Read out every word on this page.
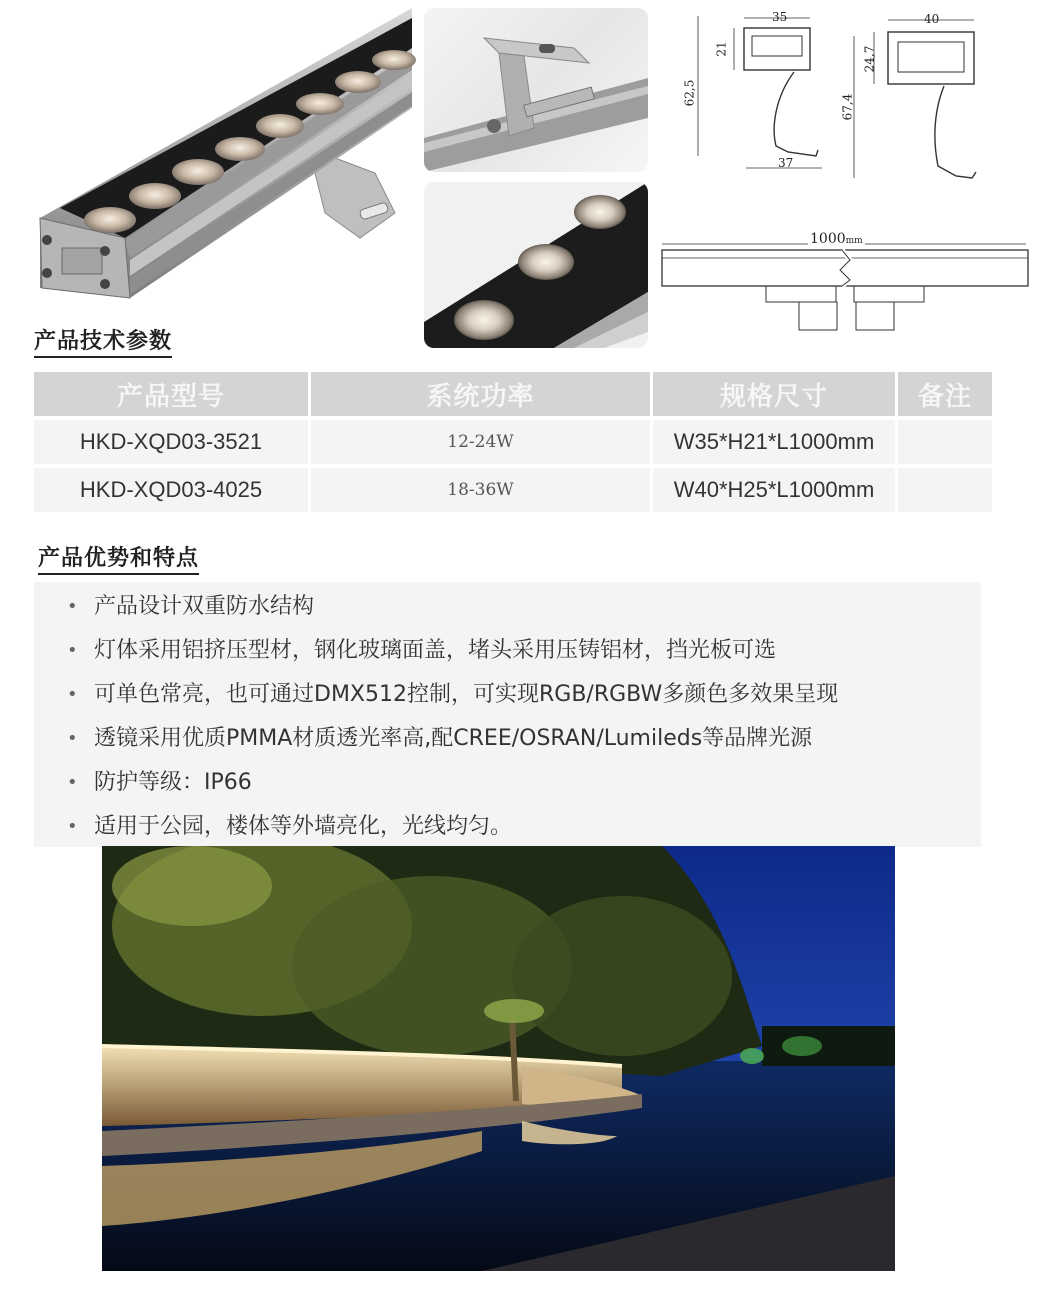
35
21
62,5
37
40
24,7
67,4
1000mm
产品技术参数
产品型号	系统功率	规格尺寸	备注
HKD-XQD03-3521	12-24W	W35*H21*L1000mm	
HKD-XQD03-4025	18-36W	W40*H25*L1000mm	
产品优势和特点
• 产品设计双重防水结构
• 灯体采用铝挤压型材，钢化玻璃面盖，堵头采用压铸铝材，挡光板可选
• 可单色常亮，也可通过DMX512控制，可实现RGB/RGBW多颜色多效果呈现
• 透镜采用优质PMMA材质透光率高,配CREE/OSRAN/Lumileds等品牌光源
• 防护等级：IP66
• 适用于公园，楼体等外墙亮化，光线均匀。
